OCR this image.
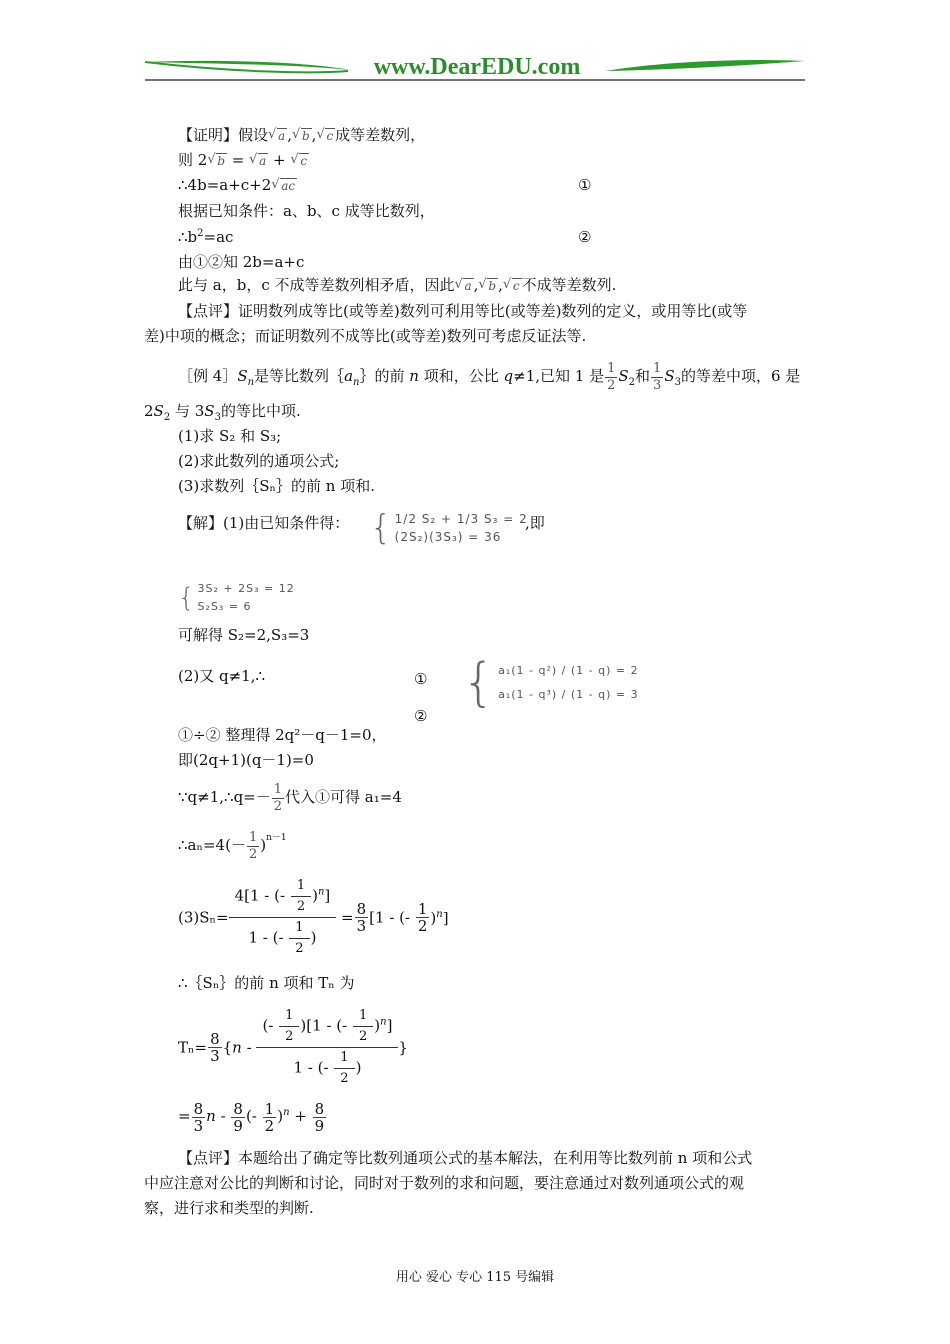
www.DearEDU.com
【证明】假设 √ a , √ b , √ c 成等差数列，
则 2 √ b = √ a + √ c
∴4b=a+c+2 √ ac	①
根据已知条件：a、b、c 成等比数列，
$\therefore b^2=ac$	②
由①②知 2b=a+c
此与 a，b，c 不成等差数列相矛盾，因此 √ a , √ b , √ c 不成等差数列.
【点评】证明数列成等比(或等差)数列可利用等比(或等差)数列的定义，或用等比(或等
差)中项的概念；而证明数列不成等比(或等差)数列可考虑反证法等.
［例 $4]S_n$是等比数列$\{a_n\}$的前 n 项和，公比 q≠1,已知 1 是 $\frac{1}{2} S_2$和 $\frac{1}{3} S_3$的等差中项，6 是
$2S_2$ 与 $3S_3$的等比中项.
(1)求 S₂ 和 S₃;
(2)求此数列的通项公式;
(3)求数列｛Sₙ｝的前 n 项和.
【解】(1)由已知条件得： { 1/2 S₂ + 1/3 S₃ = 2
(2S₂)(3S₃) = 36
,即
{ 3S₂ + 2S₃ = 12
S₂S₃ = 6
可解得 S₂=2,S₃=3
(2)又 q≠1,∴	①
②
{ a₁(1 - q²) / (1 - q) = 2
a₁(1 - q³) / (1 - q) = 3
①÷② 整理得 2q²－q－1=0，
即(2q+1)(q－1)=0
∵q≠1,∴q=－ $\frac{1}{2}$ 代入①可得 a₁=4
∴aₙ=4(－ $\frac{1}{2} )^{n-1}$
$(3)S_n= \frac{4[1 - (- \frac{1}{2} )^n]}{1 - (- \frac{1}{2} )} = \frac{8}{3} [1$ - (- $\frac{1}{2} )^n$]
∴｛Sₙ｝的前 n 项和 Tₙ 为
$T_n= \frac{8}{3} \{n - \frac{(- \frac{1}{2} )[1 - (- \frac{1}{2} )^n]}{1 - (- \frac{1}{2} )}$ }
= $\frac{8}{3}$ n - $\frac{8}{9}$ (- $\frac{1}{2} )^n + \frac{8}{9}$
【点评】本题给出了确定等比数列通项公式的基本解法，在利用等比数列前 n 项和公式
中应注意对公比的判断和讨论，同时对于数列的求和问题，要注意通过对数列通项公式的观
察，进行求和类型的判断.
用心 爱心 专心 115 号编辑
